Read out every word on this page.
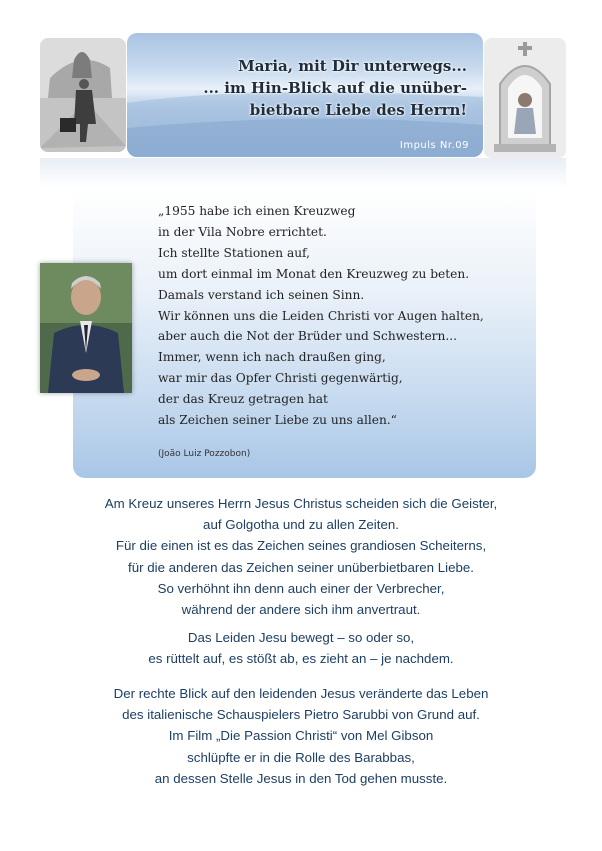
Maria, mit Dir unterwegs...
... im Hin-Blick auf die unüber-
bietbare Liebe des Herrn!
Impuls Nr.09
„1955 habe ich einen Kreuzweg
in der Vila Nobre errichtet.
Ich stellte Stationen auf,
um dort einmal im Monat den Kreuzweg zu beten.
Damals verstand ich seinen Sinn.
Wir können uns die Leiden Christi vor Augen halten,
aber auch die Not der Brüder und Schwestern...
Immer, wenn ich nach draußen ging,
war mir das Opfer Christi gegenwärtig,
der das Kreuz getragen hat
als Zeichen seiner Liebe zu uns allen.“
(João Luiz Pozzobon)
Am Kreuz unseres Herrn Jesus Christus scheiden sich die Geister,
auf Golgotha und zu allen Zeiten.
Für die einen ist es das Zeichen seines grandiosen Scheiterns,
für die anderen das Zeichen seiner unüberbietbaren Liebe.
So verhöhnt ihn denn auch einer der Verbrecher,
während der andere sich ihm anvertraut.
Das Leiden Jesu bewegt – so oder so,
es rüttelt auf, es stößt ab, es zieht an – je nachdem.
Der rechte Blick auf den leidenden Jesus veränderte das Leben
des italienische Schauspielers Pietro Sarubbi von Grund auf.
Im Film „Die Passion Christi“ von Mel Gibson
schlüpfte er in die Rolle des Barabbas,
an dessen Stelle Jesus in den Tod gehen musste.
